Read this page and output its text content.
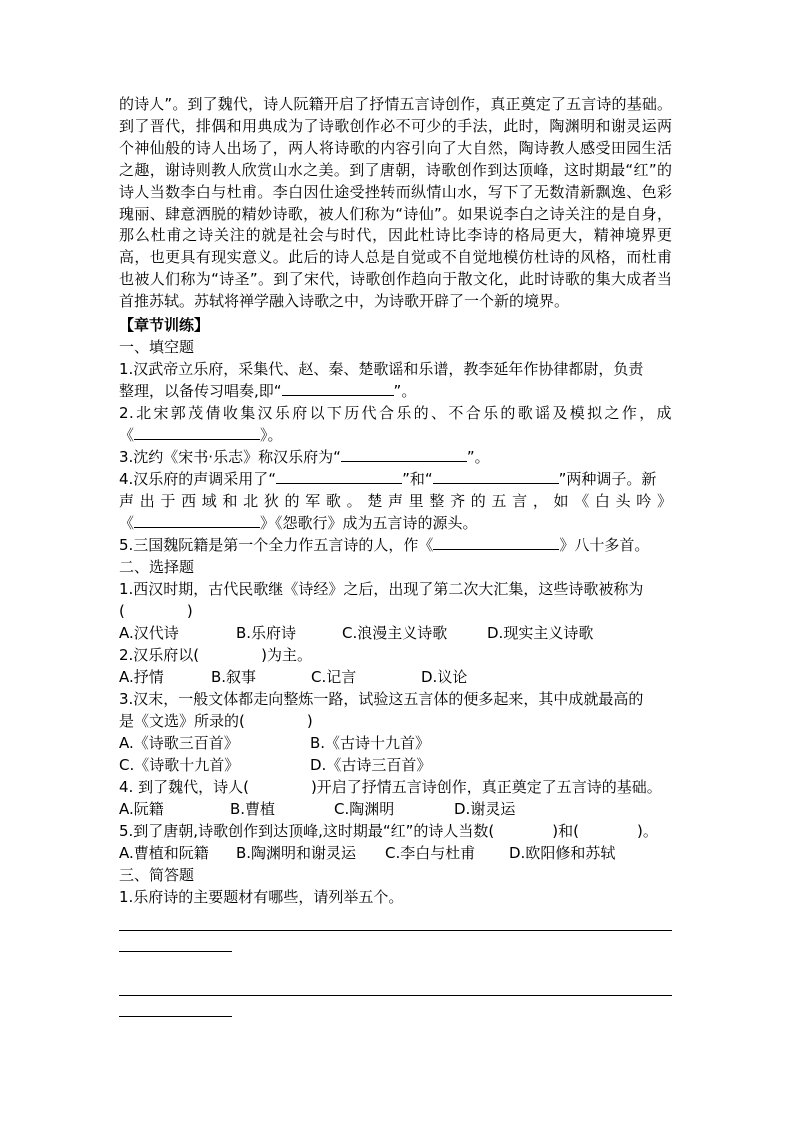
的诗人”。到了魏代，诗人阮籍开启了抒情五言诗创作，真正奠定了五言诗的基础。到了晋代，排偶和用典成为了诗歌创作必不可少的手法，此时，陶渊明和谢灵运两个神仙般的诗人出场了，两人将诗歌的内容引向了大自然，陶诗教人感受田园生活之趣，谢诗则教人欣赏山水之美。到了唐朝，诗歌创作到达顶峰，这时期最“红”的诗人当数李白与杜甫。李白因仕途受挫转而纵情山水，写下了无数清新飘逸、色彩瑰丽、肆意洒脱的精妙诗歌，被人们称为“诗仙”。如果说李白之诗关注的是自身，那么杜甫之诗关注的就是社会与时代，因此杜诗比李诗的格局更大，精神境界更高，也更具有现实意义。此后的诗人总是自觉或不自觉地模仿杜诗的风格，而杜甫也被人们称为“诗圣”。到了宋代，诗歌创作趋向于散文化，此时诗歌的集大成者当首推苏轼。苏轼将禅学融入诗歌之中，为诗歌开辟了一个新的境界。

【章节训练】

一、填空题

1.汉武帝立乐府，采集代、赵、秦、楚歌谣和乐谱，教李延年作协律都尉，负责

整理，以备传习唱奏,即“	”。

2.北宋郭茂倩收集汉乐府以下历代合乐的、不合乐的歌谣及模拟之作，成

《	》。

3.沈约《宋书·乐志》称汉乐府为“	”。

4.汉乐府的声调采用了“	”和“	”两种调子。新

声出于西域和北狄的军歌。楚声里整齐的五言，如《白头吟》

《	》《怨歌行》成为五言诗的源头。

5.三国魏阮籍是第一个全力作五言诗的人，作《	》八十多首。

二、选择题

1.西汉时期，古代民歌继《诗经》之后，出现了第二次大汇集，这些诗歌被称为

(	)

A.汉代诗	B.乐府诗	C.浪漫主义诗歌	D.现实主义诗歌

2.汉乐府以(	)为主。

A.抒情	B.叙事	C.记言	D.议论

3.汉末，一般文体都走向整炼一路，试验这五言体的便多起来，其中成就最高的

是《文选》所录的(	)

A.《诗歌三百首》	B.《古诗十九首》
C.《诗歌十九首》	D.《古诗三百首》

4. 到了魏代，诗人(	)开启了抒情五言诗创作，真正奠定了五言诗的基础。

A.阮籍	B.曹植	C.陶渊明	D.谢灵运

5.到了唐朝,诗歌创作到达顶峰,这时期最“红”的诗人当数(	)和(	)。

A.曹植和阮籍	B.陶渊明和谢灵运	C.李白与杜甫	D.欧阳修和苏轼

三、简答题

1.乐府诗的主要题材有哪些，请列举五个。
